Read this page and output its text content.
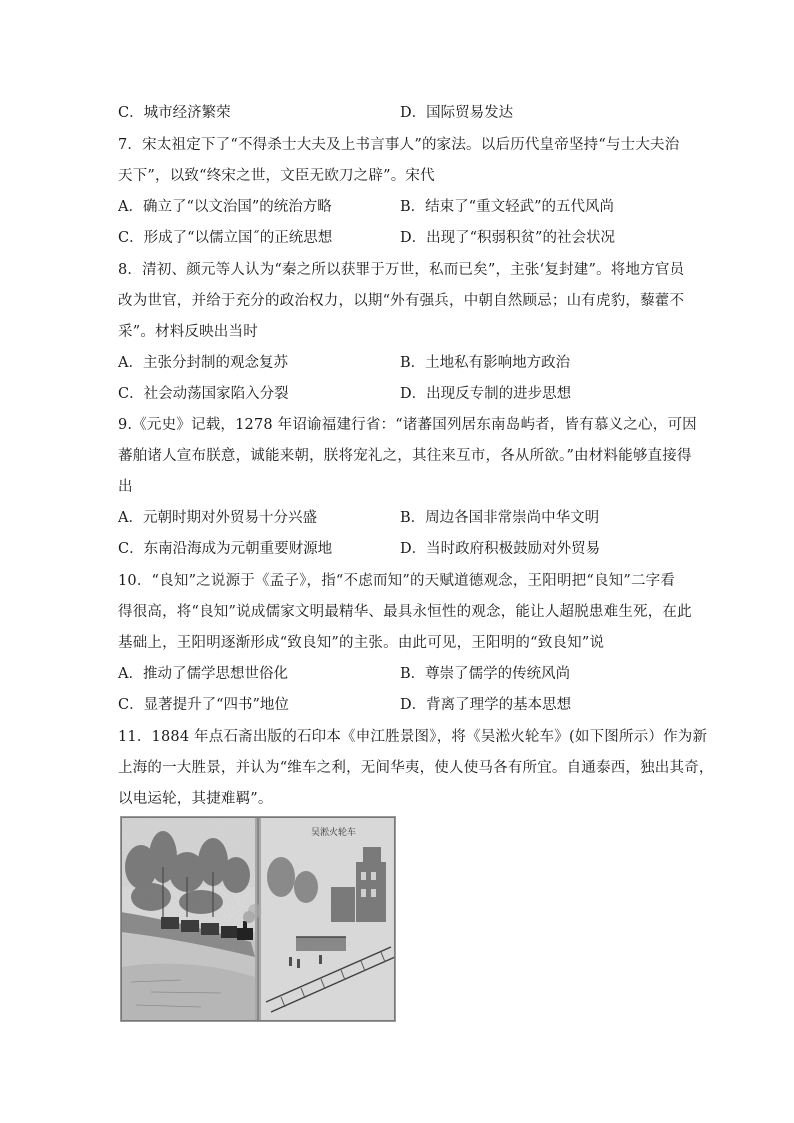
C．城市经济繁荣	D．国际贸易发达
7．宋太祖定下了“不得杀士大夫及上书言事人”的家法。以后历代皇帝坚持“与士大夫治
天下”，以致“终宋之世，文臣无欧刀之辟”。宋代
A．确立了“以文治国”的统治方略	B．结束了“重文轻武”的五代风尚
C．形成了“以儒立国˝的正统思想	D．出现了“积弱积贫”的社会状况
8．清初、颜元等人认为“秦之所以获罪于万世，私而已矣”，主张‘复封建”。将地方官员
改为世官，并给于充分的政治权力，以期“外有强兵，中朝自然顾忌；山有虎豹，藜藿不
采”。材料反映出当时
A．主张分封制的观念复苏	B．土地私有影响地方政治
C．社会动荡国家陷入分裂	D．出现反专制的进步思想
9.《元史》记载，1278 年诏谕福建行省：“诸蕃国列居东南岛屿者，皆有慕义之心，可因
蕃舶诸人宣布朕意，诚能来朝，朕将宠礼之，其往来互市，各从所欲。”由材料能够直接得
出
A．元朝时期对外贸易十分兴盛	B．周边各国非常崇尚中华文明
C．东南沿海成为元朝重要财源地	D．当时政府积极鼓励对外贸易
10．“良知”之说源于《孟子》，指“不虑而知”的天赋道德观念，王阳明把“良知”二字看
得很高，将“良知”说成儒家文明最精华、最具永恒性的观念，能让人超脱患难生死，在此
基础上，王阳明逐渐形成“致良知”的主张。由此可见，王阳明的“致良知”说
A．推动了儒学思想世俗化	B．尊崇了儒学的传统风尚
C．显著提升了“四书”地位	D．背离了理学的基本思想
11．1884 年点石斋出版的石印本《申江胜景图》，将《吴淞火轮车》(如下图所示）作为新
上海的一大胜景，并认为“维车之利，无间华夷，使人使马各有所宜。自通泰西，独出其奇，
以电运轮，其捷难羁”。
吴淞火轮车
